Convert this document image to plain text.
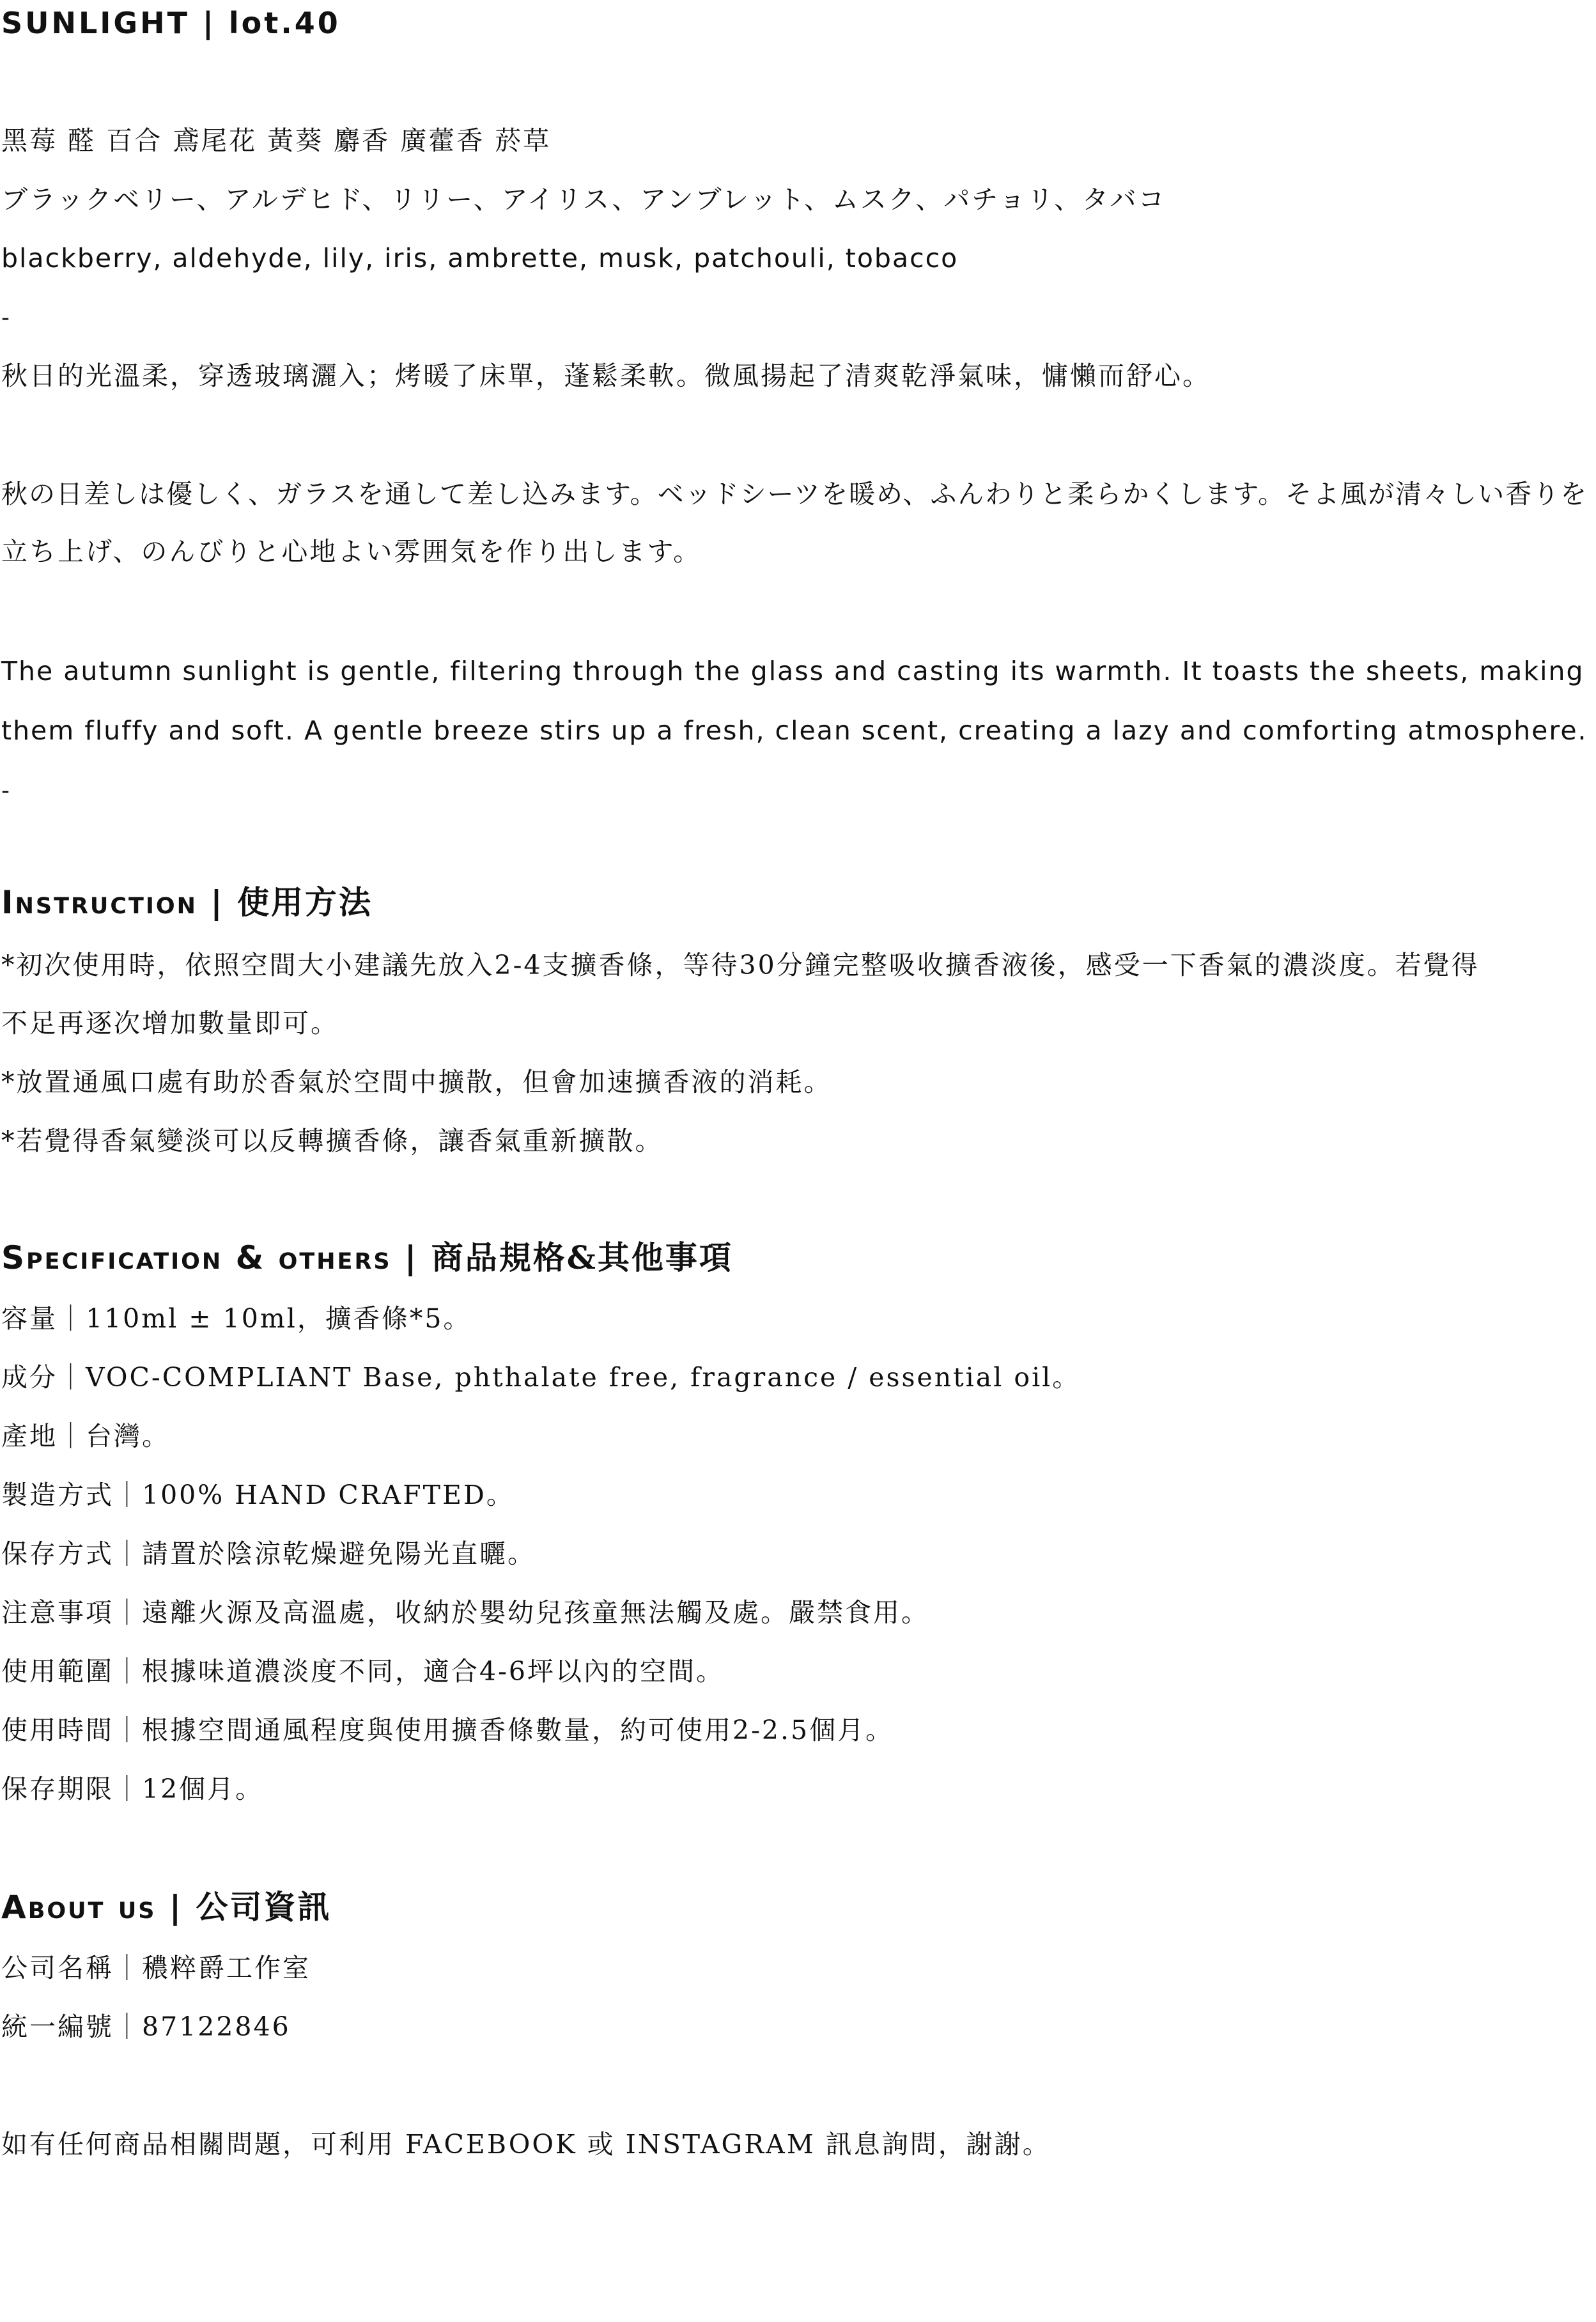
SUNLIGHT | lot.40

黑莓 醛 百合 鳶尾花 黃葵 麝香 廣藿香 菸草

ブラックベリー、アルデヒド、リリー、アイリス、アンブレット、ムスク、パチョリ、タバコ

blackberry, aldehyde, lily, iris, ambrette, musk, patchouli, tobacco

-

秋日的光溫柔，穿透玻璃灑入；烤暖了床單，蓬鬆柔軟。微風揚起了清爽乾淨氣味，慵懶而舒心。

秋の日差しは優しく、ガラスを通して差し込みます。ベッドシーツを暖め、ふんわりと柔らかくします。そよ風が清々しい香りを

立ち上げ、のんびりと心地よい雰囲気を作り出します。

The autumn sunlight is gentle, filtering through the glass and casting its warmth. It toasts the sheets, making

them fluffy and soft. A gentle breeze stirs up a fresh, clean scent, creating a lazy and comforting atmosphere.

-

Instruction | 使用方法

*初次使用時，依照空間大小建議先放入2-4支擴香條，等待30分鐘完整吸收擴香液後，感受一下香氣的濃淡度。若覺得

不足再逐次增加數量即可。

*放置通風口處有助於香氣於空間中擴散，但會加速擴香液的消耗。

*若覺得香氣變淡可以反轉擴香條，讓香氣重新擴散。

Specification & others | 商品規格&其他事項

容量｜110ml ± 10ml，擴香條*5。

成分｜VOC-COMPLIANT Base, phthalate free, fragrance / essential oil。

產地｜台灣。

製造方式｜100% HAND CRAFTED。

保存方式｜請置於陰涼乾燥避免陽光直曬。

注意事項｜遠離火源及高溫處，收納於嬰幼兒孩童無法觸及處。嚴禁食用。

使用範圍｜根據味道濃淡度不同，適合4-6坪以內的空間。

使用時間｜根據空間通風程度與使用擴香條數量，約可使用2-2.5個月。

保存期限｜12個月。

About us | 公司資訊

公司名稱｜穠粹爵工作室

統一編號｜87122846

如有任何商品相關問題，可利用 FACEBOOK 或 INSTAGRAM 訊息詢問，謝謝。
